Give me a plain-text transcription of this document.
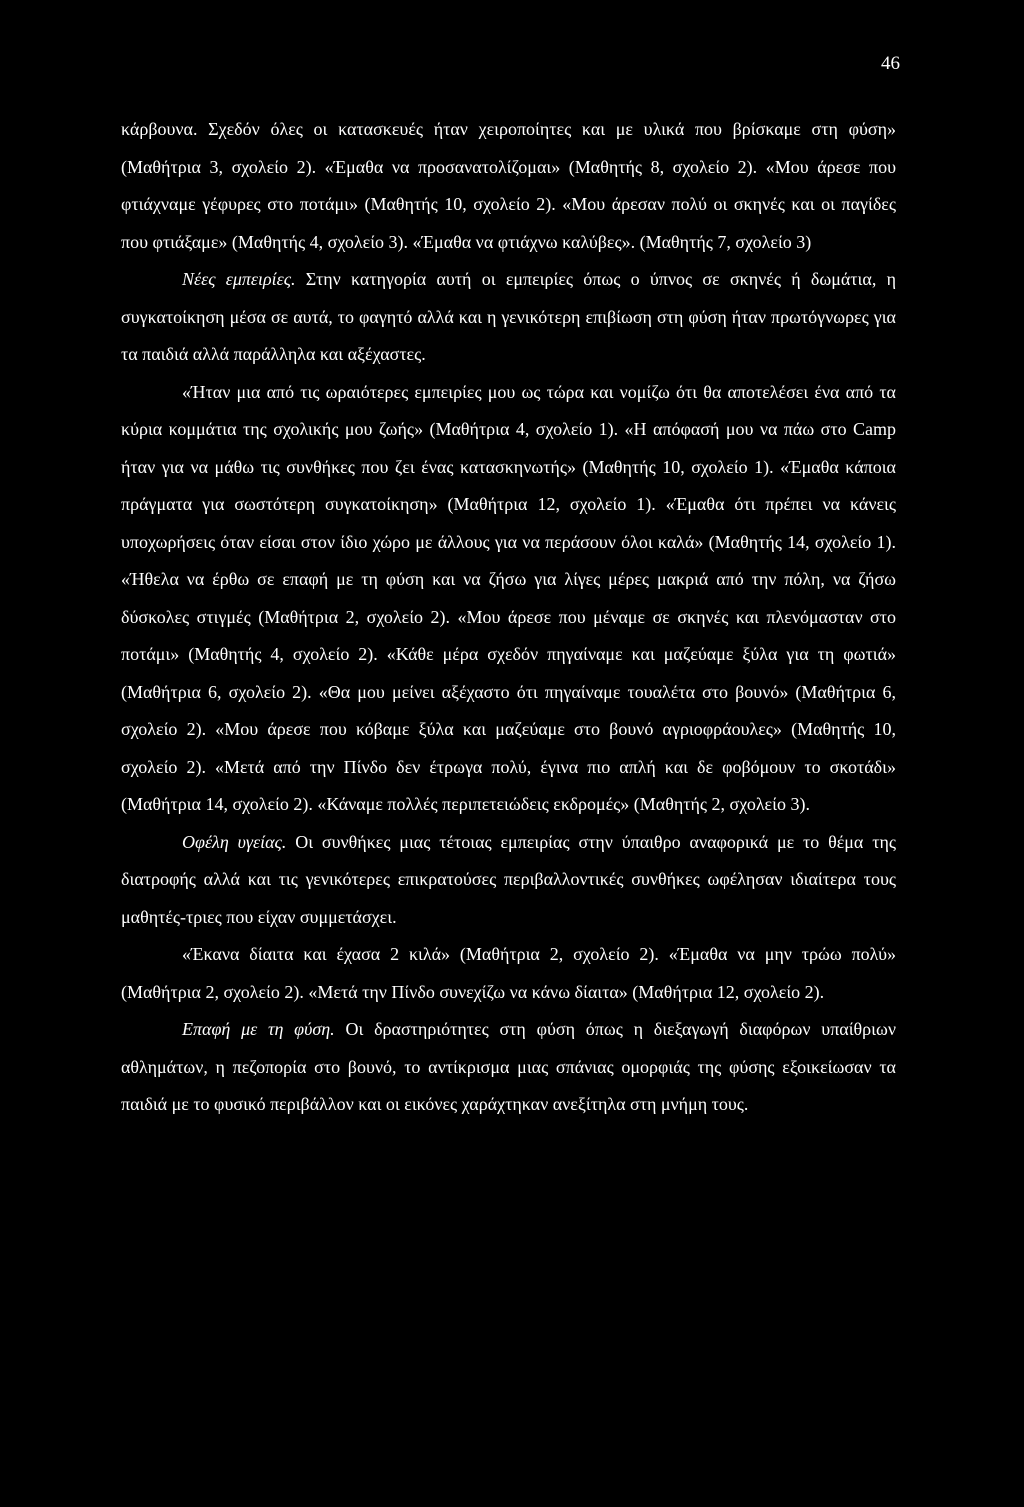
46

κάρβουνα. Σχεδόν όλες οι κατασκευές ήταν χειροποίητες και με υλικά που βρίσκαμε στη φύση» (Μαθήτρια 3, σχολείο 2). «Έμαθα να προσανατολίζομαι» (Μαθητής 8, σχολείο 2). «Μου άρεσε που φτιάχναμε γέφυρες στο ποτάμι» (Μαθητής 10, σχολείο 2). «Μου άρεσαν πολύ οι σκηνές και οι παγίδες που φτιάξαμε» (Μαθητής 4, σχολείο 3). «Έμαθα να φτιάχνω καλύβες». (Μαθητής 7, σχολείο 3)

Νέες εμπειρίες. Στην κατηγορία αυτή οι εμπειρίες όπως ο ύπνος σε σκηνές ή δωμάτια, η συγκατοίκηση μέσα σε αυτά, το φαγητό αλλά και η γενικότερη επιβίωση στη φύση ήταν πρωτόγνωρες για τα παιδιά αλλά παράλληλα και αξέχαστες.

«Ήταν μια από τις ωραιότερες εμπειρίες μου ως τώρα και νομίζω ότι θα αποτελέσει ένα από τα κύρια κομμάτια της σχολικής μου ζωής» (Μαθήτρια 4, σχολείο 1). «Η απόφασή μου να πάω στο Camp ήταν για να μάθω τις συνθήκες που ζει ένας κατασκηνωτής» (Μαθητής 10, σχολείο 1). «Έμαθα κάποια πράγματα για σωστότερη συγκατοίκηση» (Μαθήτρια 12, σχολείο 1). «Έμαθα ότι πρέπει να κάνεις υποχωρήσεις όταν είσαι στον ίδιο χώρο με άλλους για να περάσουν όλοι καλά» (Μαθητής 14, σχολείο 1). «Ήθελα να έρθω σε επαφή με τη φύση και να ζήσω για λίγες μέρες μακριά από την πόλη, να ζήσω δύσκολες στιγμές (Μαθήτρια 2, σχολείο 2). «Μου άρεσε που μέναμε σε σκηνές και πλενόμασταν στο ποτάμι» (Μαθητής 4, σχολείο 2). «Κάθε μέρα σχεδόν πηγαίναμε και μαζεύαμε ξύλα για τη φωτιά» (Μαθήτρια 6, σχολείο 2). «Θα μου μείνει αξέχαστο ότι πηγαίναμε τουαλέτα στο βουνό» (Μαθήτρια 6, σχολείο 2). «Μου άρεσε που κόβαμε ξύλα και μαζεύαμε στο βουνό αγριοφράουλες» (Μαθητής 10, σχολείο 2). «Μετά από την Πίνδο δεν έτρωγα πολύ, έγινα πιο απλή και δε φοβόμουν το σκοτάδι» (Μαθήτρια 14, σχολείο 2). «Κάναμε πολλές περιπετειώδεις εκδρομές» (Μαθητής 2, σχολείο 3).

Οφέλη υγείας. Οι συνθήκες μιας τέτοιας εμπειρίας στην ύπαιθρο αναφορικά με το θέμα της διατροφής αλλά και τις γενικότερες επικρατούσες περιβαλλοντικές συνθήκες ωφέλησαν ιδιαίτερα τους μαθητές-τριες που είχαν συμμετάσχει.

«Έκανα δίαιτα και έχασα 2 κιλά» (Μαθήτρια 2, σχολείο 2). «Έμαθα να μην τρώω πολύ» (Μαθήτρια 2, σχολείο 2). «Μετά την Πίνδο συνεχίζω να κάνω δίαιτα» (Μαθήτρια 12, σχολείο 2).

Επαφή με τη φύση. Οι δραστηριότητες στη φύση όπως η διεξαγωγή διαφόρων υπαίθριων αθλημάτων, η πεζοπορία στο βουνό, το αντίκρισμα μιας σπάνιας ομορφιάς της φύσης εξοικείωσαν τα παιδιά με το φυσικό περιβάλλον και οι εικόνες χαράχτηκαν ανεξίτηλα στη μνήμη τους.
